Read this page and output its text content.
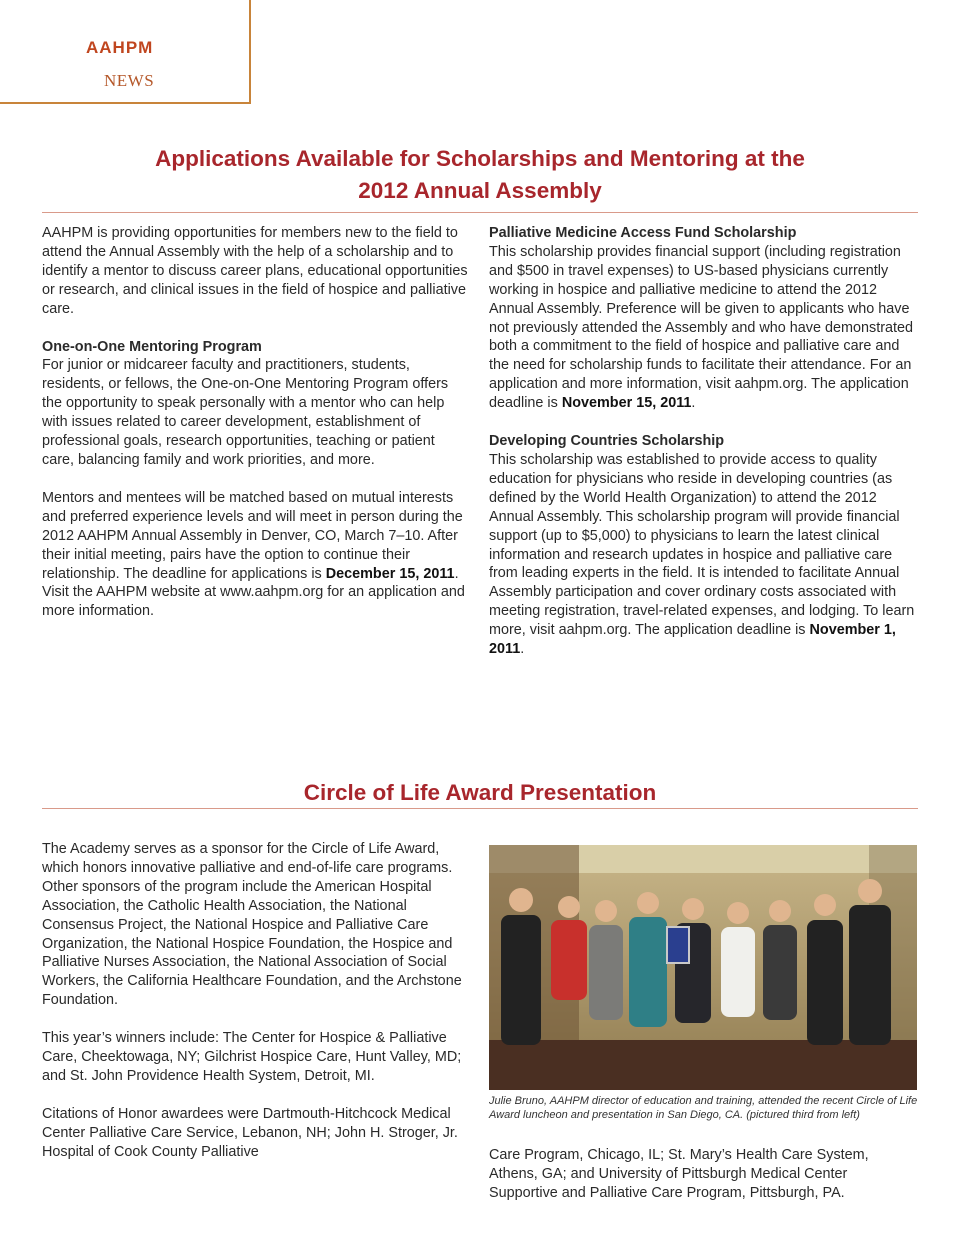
AAHPM
NEWS
Applications Available for Scholarships and Mentoring at the
2012 Annual Assembly

AAHPM is providing opportunities for members new to the field to attend the Annual Assembly with the help of a scholarship and to identify a mentor to discuss career plans, educational opportunities or research, and clinical issues in the field of hospice and palliative care.

One-on-One Mentoring Program

For junior or midcareer faculty and practitioners, students, residents, or fellows, the One-on-One Mentoring Program offers the opportunity to speak personally with a mentor who can help with issues related to career development, establishment of professional goals, research opportunities, teaching or patient care, balancing family and work priorities, and more.

Mentors and mentees will be matched based on mutual interests and preferred experience levels and will meet in person during the 2012 AAHPM Annual Assembly in Denver, CO, March 7–10. After their initial meeting, pairs have the option to continue their relationship. The deadline for applications is December 15, 2011. Visit the AAHPM website at www.aahpm.org for an application and more information.

Palliative Medicine Access Fund Scholarship

This scholarship provides financial support (including registration and $500 in travel expenses) to US-based physicians currently working in hospice and palliative medicine to attend the 2012 Annual Assembly. Preference will be given to applicants who have not previously attended the Assembly and who have demonstrated both a commitment to the field of hospice and palliative care and the need for scholarship funds to facilitate their attendance. For an application and more information, visit aahpm.org. The application deadline is November 15, 2011.

Developing Countries Scholarship

This scholarship was established to provide access to quality education for physicians who reside in developing countries (as defined by the World Health Organization) to attend the 2012 Annual Assembly. This scholarship program will provide financial support (up to $5,000) to physicians to learn the latest clinical information and research updates in hospice and palliative care from leading experts in the field. It is intended to facilitate Annual Assembly participation and cover ordinary costs associated with meeting registration, travel-related expenses, and lodging. To learn more, visit aahpm.org. The application deadline is November 1, 2011.

Circle of Life Award Presentation

The Academy serves as a sponsor for the Circle of Life Award, which honors innovative palliative and end-of-life care programs. Other sponsors of the program include the American Hospital Association, the Catholic Health Association, the National Consensus Project, the National Hospice and Palliative Care Organization, the National Hospice Foundation, the Hospice and Palliative Nurses Association, the National Association of Social Workers, the California Healthcare Foundation, and the Archstone Foundation.

This year’s winners include: The Center for Hospice & Palliative Care, Cheektowaga, NY; Gilchrist Hospice Care, Hunt Valley, MD; and St. John Providence Health System, Detroit, MI.

Citations of Honor awardees were Dartmouth-Hitchcock Medical Center Palliative Care Service, Lebanon, NH; John H. Stroger, Jr. Hospital of Cook County Palliative

Julie Bruno, AAHPM director of education and training, attended the recent Circle of Life Award luncheon and presentation in San Diego, CA. (pictured third from left)

Care Program, Chicago, IL; St. Mary’s Health Care System, Athens, GA; and University of Pittsburgh Medical Center Supportive and Palliative Care Program, Pittsburgh, PA.
